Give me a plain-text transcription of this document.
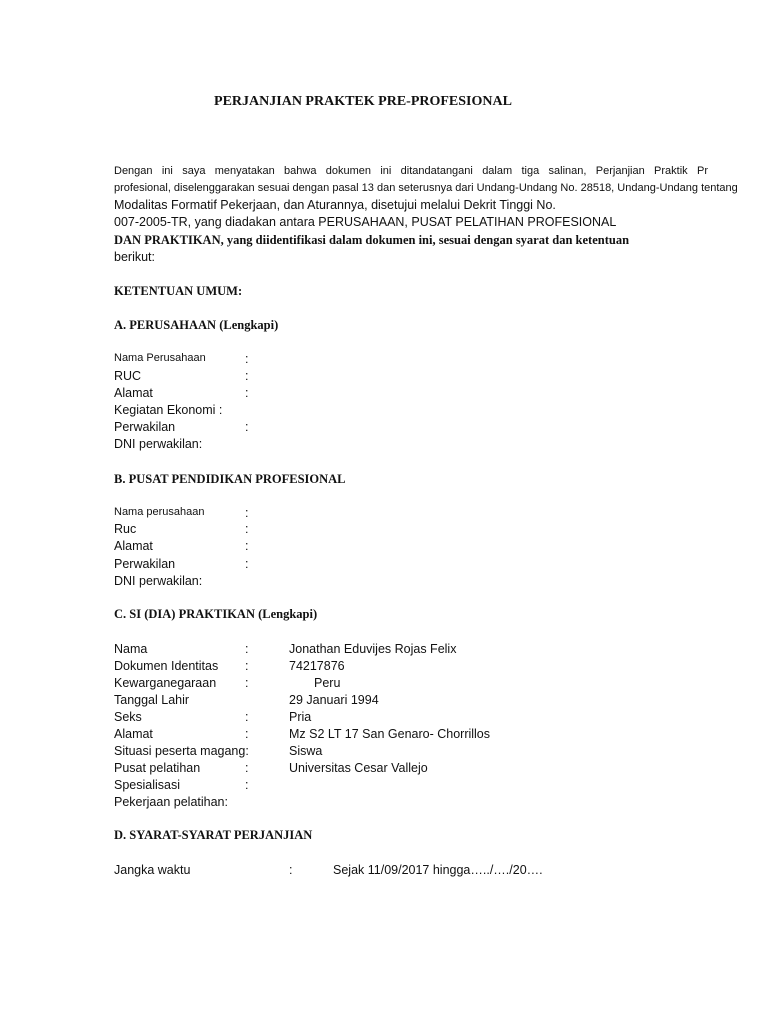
PERJANJIAN PRAKTEK PRE-PROFESIONAL
Dengan ini saya menyatakan bahwa dokumen ini ditandatangani dalam tiga salinan, Perjanjian Praktik Pr
profesional, diselenggarakan sesuai dengan pasal 13 dan seterusnya dari Undang-Undang No. 28518, Undang-Undang tentang
Modalitas Formatif Pekerjaan, dan Aturannya, disetujui melalui Dekrit Tinggi No.
007-2005-TR, yang diadakan antara PERUSAHAAN, PUSAT PELATIHAN PROFESIONAL
DAN PRAKTIKAN, yang diidentifikasi dalam dokumen ini, sesuai dengan syarat dan ketentuan
berikut:
KETENTUAN UMUM:
A. PERUSAHAAN (Lengkapi)
Nama Perusahaan	:
RUC	:
Alamat	:
Kegiatan Ekonomi :
Perwakilan	:
DNI perwakilan:
B. PUSAT PENDIDIKAN PROFESIONAL
Nama perusahaan	:
Ruc	:
Alamat	:
Perwakilan	:
DNI perwakilan:
C. SI (DIA) PRAKTIKAN (Lengkapi)
Nama	:	Jonathan Eduvijes Rojas Felix
Dokumen Identitas :	74217876
Kewarganegaraan :	Peru
Tanggal Lahir	29 Januari 1994
Seks	:	Pria
Alamat	:	Mz S2 LT 17 San Genaro- Chorrillos
Situasi peserta magang:	Siswa
Pusat pelatihan	:	Universitas Cesar Vallejo
Spesialisasi	:
Pekerjaan pelatihan:
D. SYARAT-SYARAT PERJANJIAN
Jangka waktu	:	Sejak 11/09/2017 hingga…../…./20….
